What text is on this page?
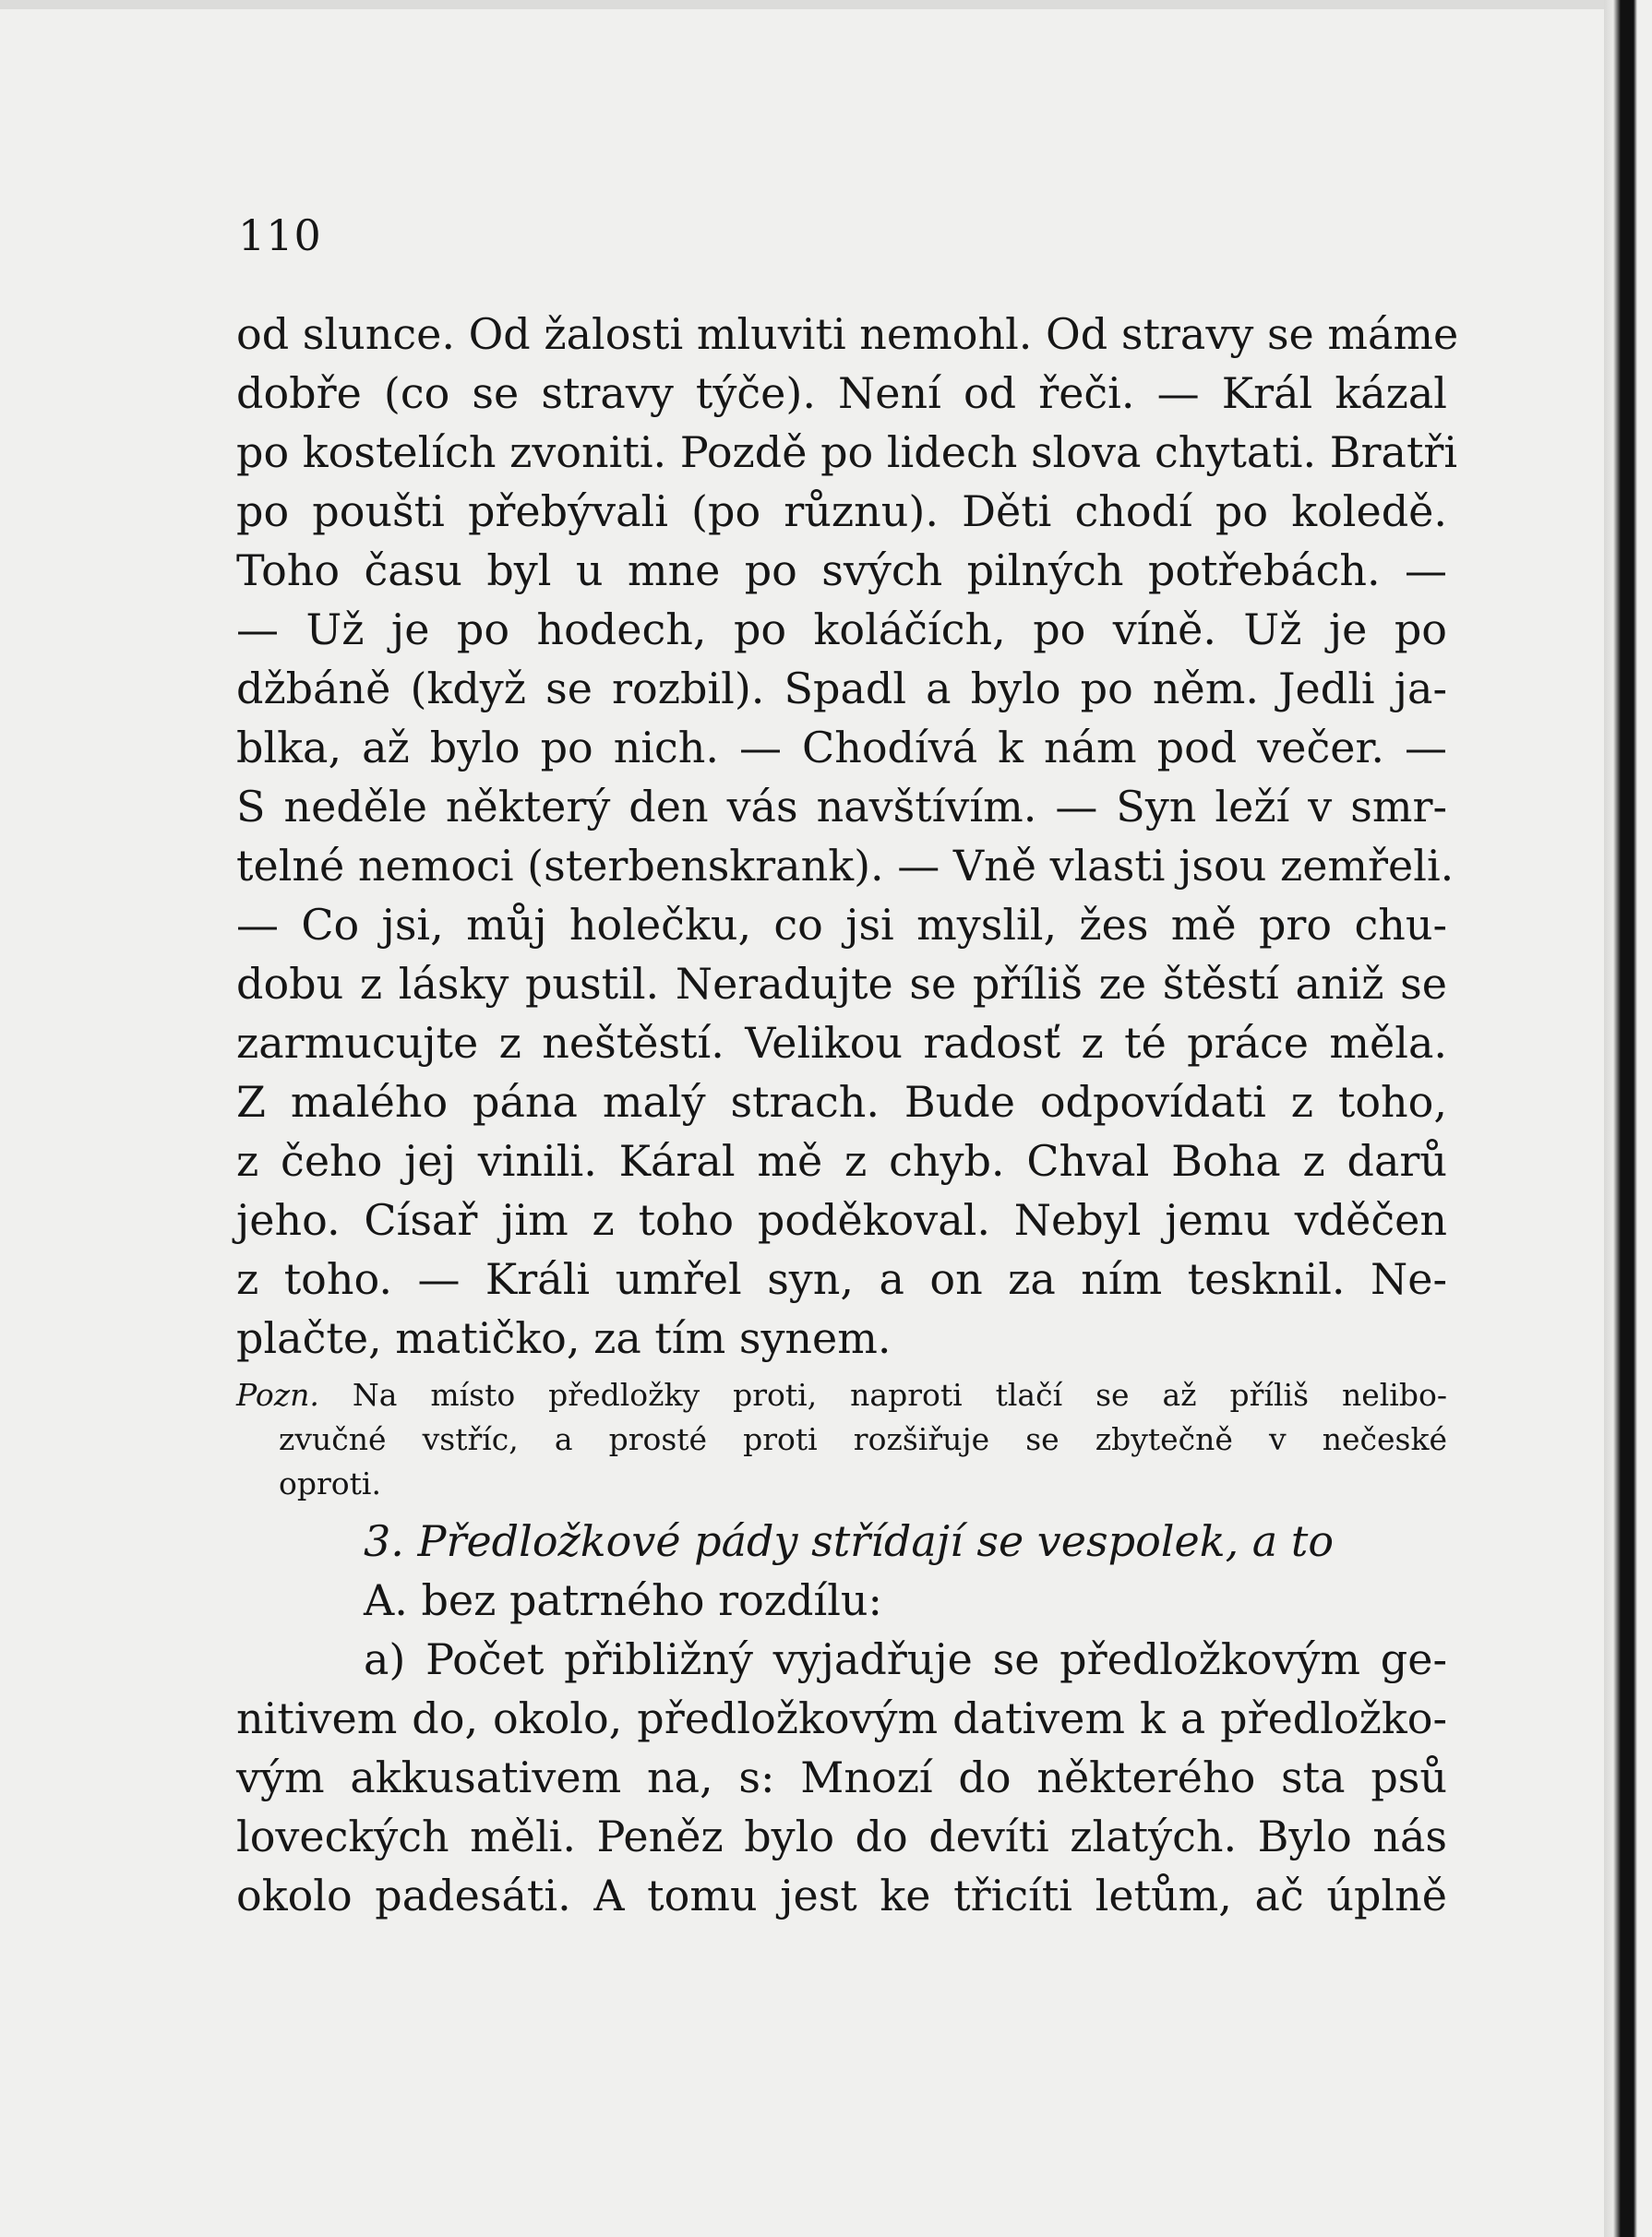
110
od slunce. Od žalosti mluviti nemohl. Od stravy se máme
dobře (co se stravy týče). Není od řeči. — Král kázal
po kostelích zvoniti. Pozdě po lidech slova chytati. Bratři
po poušti přebývali (po různu). Děti chodí po koledě.
Toho času byl u mne po svých pilných potřebách. —
— Už je po hodech, po koláčích, po víně. Už je po
džbáně (když se rozbil). Spadl a bylo po něm. Jedli ja-
blka, až bylo po nich. — Chodívá k nám pod večer. —
S neděle některý den vás navštívím. — Syn leží v smr-
telné nemoci (sterbenskrank). — Vně vlasti jsou zemřeli.
— Co jsi, můj holečku, co jsi myslil, žes mě pro chu-
dobu z lásky pustil. Neradujte se příliš ze štěstí aniž se
zarmucujte z neštěstí. Velikou radosť z té práce měla.
Z malého pána malý strach. Bude odpovídati z toho,
z čeho jej vinili. Káral mě z chyb. Chval Boha z darů
jeho. Císař jim z toho poděkoval. Nebyl jemu vděčen
z toho. — Králi umřel syn, a on za ním tesknil. Ne-
plačte, matičko, za tím synem.
Pozn. Na místo předložky proti, naproti tlačí se až příliš nelibo-
zvučné vstříc, a prosté proti rozšiřuje se zbytečně v nečeské
oproti.
3. Předložkové pády střídají se vespolek, a to
A. bez patrného rozdílu:
a) Počet přibližný vyjadřuje se předložkovým ge-
nitivem do, okolo, předložkovým dativem k a předložko-
vým akkusativem na, s: Mnozí do některého sta psů
loveckých měli. Peněz bylo do devíti zlatých. Bylo nás
okolo padesáti. A tomu jest ke třicíti letům, ač úplně
